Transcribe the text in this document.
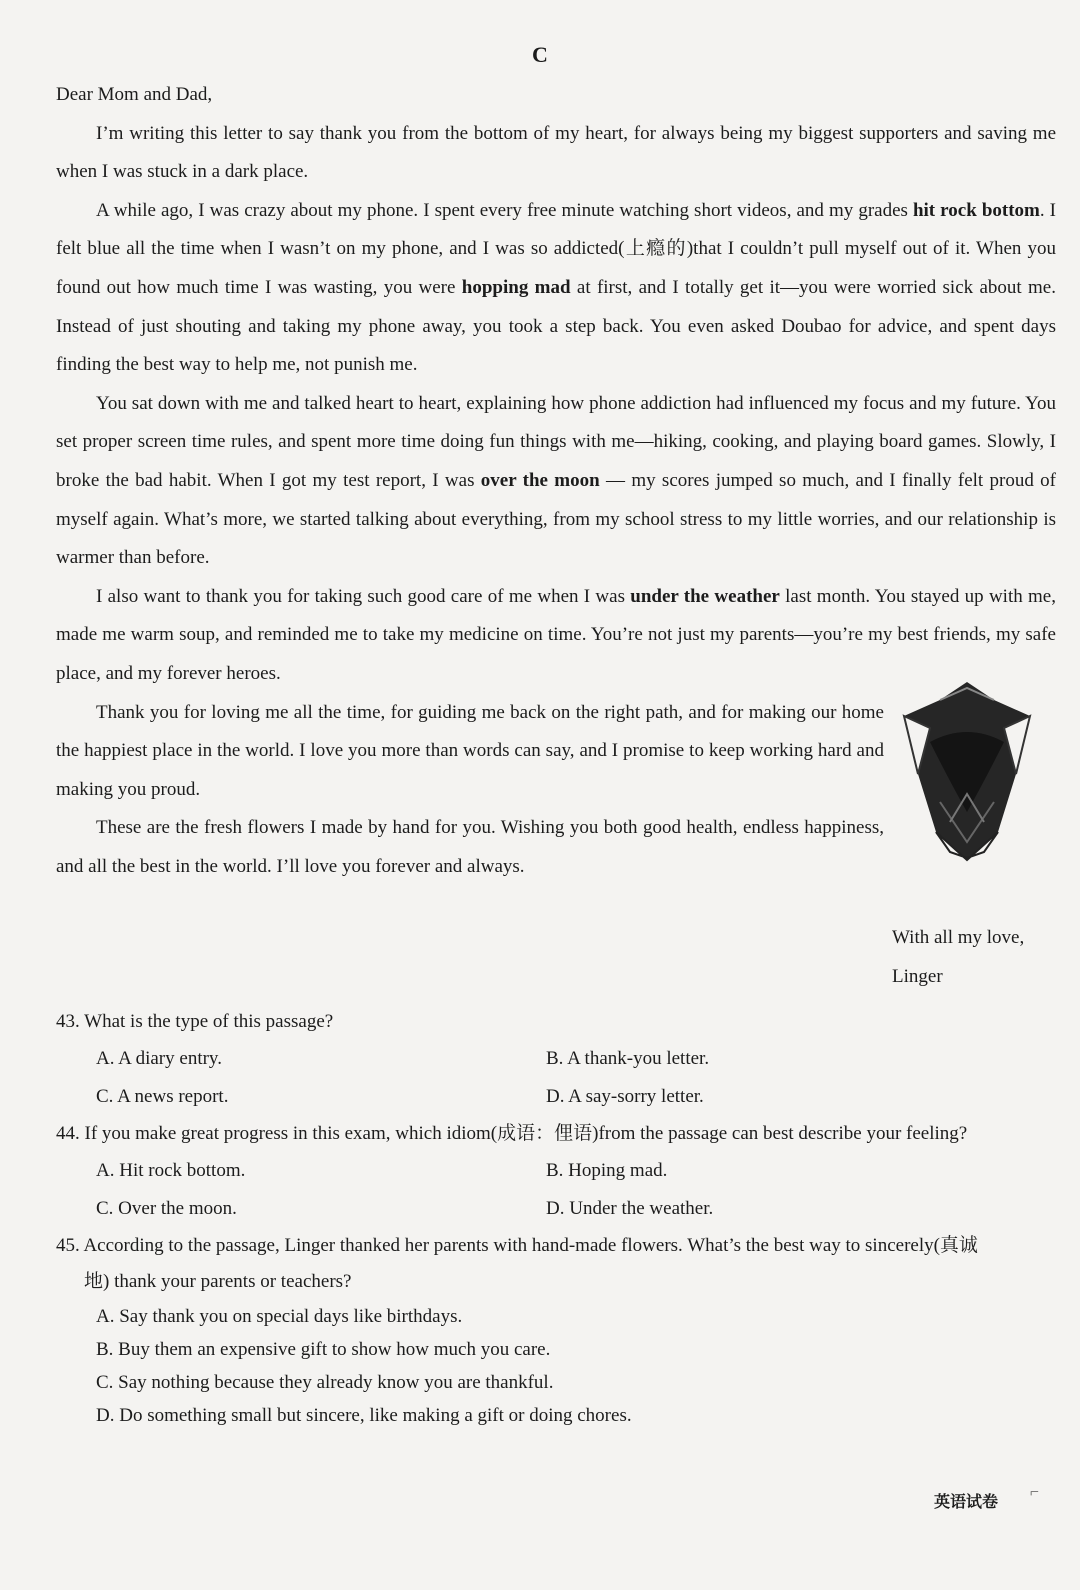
C

Dear Mom and Dad,

I’m writing this letter to say thank you from the bottom of my heart, for always being my biggest supporters and saving me when I was stuck in a dark place.

A while ago, I was crazy about my phone. I spent every free minute watching short videos, and my grades hit rock bottom. I felt blue all the time when I wasn’t on my phone, and I was so addicted(上瘾的)that I couldn’t pull myself out of it. When you found out how much time I was wasting, you were hopping mad at first, and I totally get it—you were worried sick about me. Instead of just shouting and taking my phone away, you took a step back. You even asked Doubao for advice, and spent days finding the best way to help me, not punish me.

You sat down with me and talked heart to heart, explaining how phone addiction had influenced my focus and my future. You set proper screen time rules, and spent more time doing fun things with me—hiking, cooking, and playing board games. Slowly, I broke the bad habit. When I got my test report, I was over the moon — my scores jumped so much, and I finally felt proud of myself again. What’s more, we started talking about everything, from my school stress to my little worries, and our relationship is warmer than before.

I also want to thank you for taking such good care of me when I was under the weather last month. You stayed up with me, made me warm soup, and reminded me to take my medicine on time. You’re not just my parents—you’re my best friends, my safe place, and my forever heroes.

Thank you for loving me all the time, for guiding me back on the right path, and for making our home the happiest place in the world. I love you more than words can say, and I promise to keep working hard and making you proud.

These are the fresh flowers I made by hand for you. Wishing you both good health, endless happiness, and all the best in the world. I’ll love you forever and always.

With all my love,
Linger

43. What is the type of this passage?

A. A diary entry.	B. A thank-you letter.
C. A news report.	D. A say-sorry letter.

44. If you make great progress in this exam, which idiom(成语：俚语)from the passage can best describe your feeling?

A. Hit rock bottom.	B. Hoping mad.
C. Over the moon.	D. Under the weather.

45. According to the passage, Linger thanked her parents with hand-made flowers. What’s the best way to sincerely(真诚
地) thank your parents or teachers?

A. Say thank you on special days like birthdays.

B. Buy them an expensive gift to show how much you care.

C. Say nothing because they already know you are thankful.

D. Do something small but sincere, like making a gift or doing chores.

英语试卷 ⌐
